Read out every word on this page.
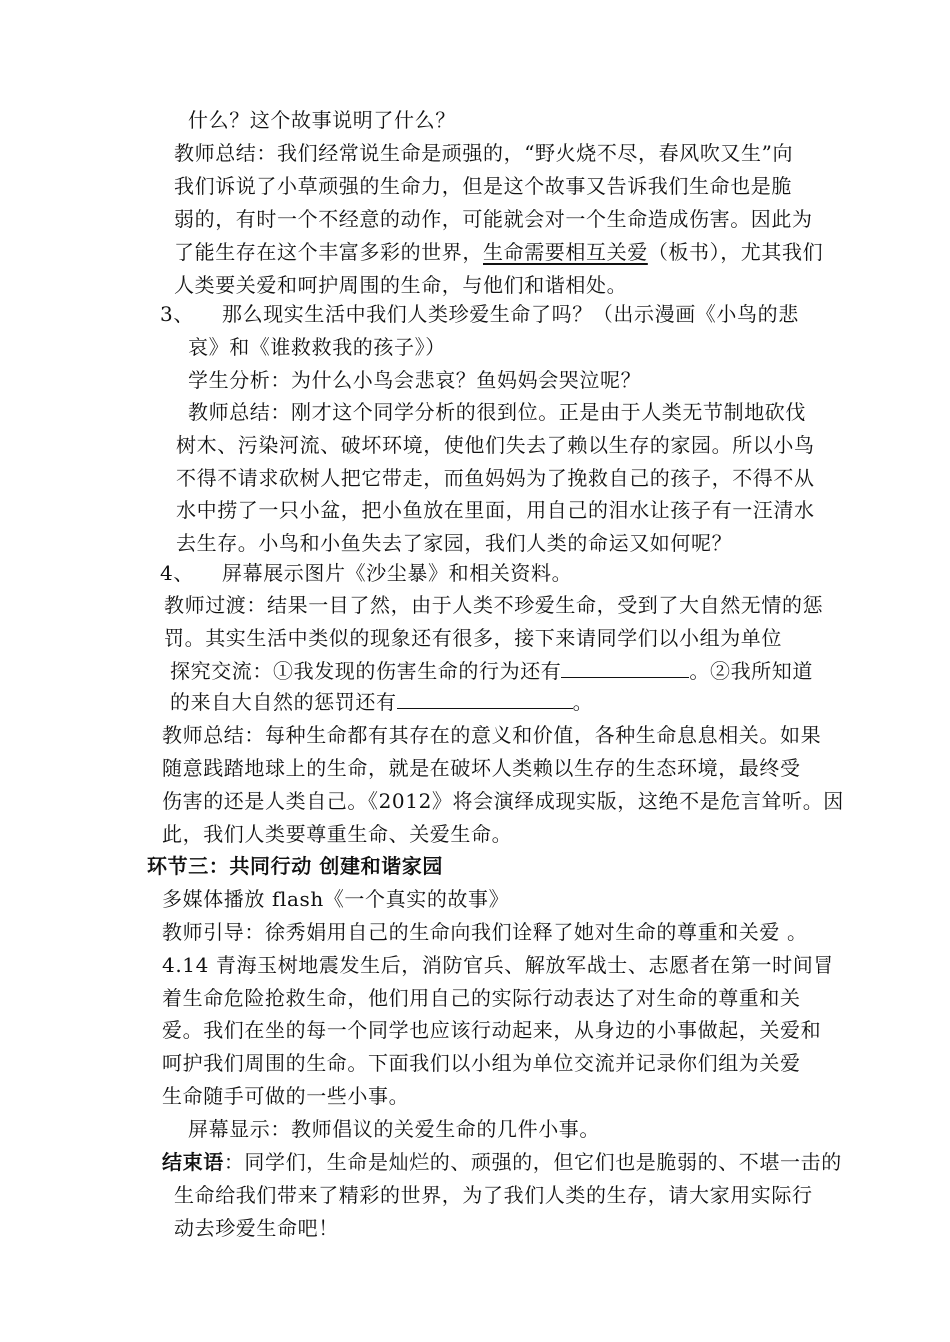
什么？这个故事说明了什么？
教师总结：我们经常说生命是顽强的，“野火烧不尽，春风吹又生”向
我们诉说了小草顽强的生命力，但是这个故事又告诉我们生命也是脆
弱的，有时一个不经意的动作，可能就会对一个生命造成伤害。因此为
了能生存在这个丰富多彩的世界，生命需要相互关爱（板书），尤其我们
人类要关爱和呵护周围的生命，与他们和谐相处。
3、 那么现实生活中我们人类珍爱生命了吗？（出示漫画《小鸟的悲
哀》和《谁救救我的孩子》）
学生分析：为什么小鸟会悲哀？鱼妈妈会哭泣呢？
教师总结：刚才这个同学分析的很到位。正是由于人类无节制地砍伐
树木、污染河流、破坏环境，使他们失去了赖以生存的家园。所以小鸟
不得不请求砍树人把它带走，而鱼妈妈为了挽救自己的孩子，不得不从
水中捞了一只小盆，把小鱼放在里面，用自己的泪水让孩子有一汪清水
去生存。小鸟和小鱼失去了家园，我们人类的命运又如何呢？
4、 屏幕展示图片《沙尘暴》和相关资料。
教师过渡：结果一目了然，由于人类不珍爱生命，受到了大自然无情的惩
罚。其实生活中类似的现象还有很多，接下来请同学们以小组为单位
探究交流：①我发现的伤害生命的行为还有	。②我所知道
的来自大自然的惩罚还有	。
教师总结：每种生命都有其存在的意义和价值，各种生命息息相关。如果
随意践踏地球上的生命，就是在破坏人类赖以生存的生态环境，最终受
伤害的还是人类自己。《2012》将会演绎成现实版，这绝不是危言耸听。因
此，我们人类要尊重生命、关爱生命。
环节三：共同行动 创建和谐家园
多媒体播放 flash《一个真实的故事》
教师引导：徐秀娟用自己的生命向我们诠释了她对生命的尊重和关爱 。
4.14 青海玉树地震发生后，消防官兵、解放军战士、志愿者在第一时间冒
着生命危险抢救生命，他们用自己的实际行动表达了对生命的尊重和关
爱。我们在坐的每一个同学也应该行动起来，从身边的小事做起，关爱和
呵护我们周围的生命。下面我们以小组为单位交流并记录你们组为关爱
生命随手可做的一些小事。
屏幕显示：教师倡议的关爱生命的几件小事。
结束语：同学们，生命是灿烂的、顽强的，但它们也是脆弱的、不堪一击的
生命给我们带来了精彩的世界，为了我们人类的生存，请大家用实际行
动去珍爱生命吧！
